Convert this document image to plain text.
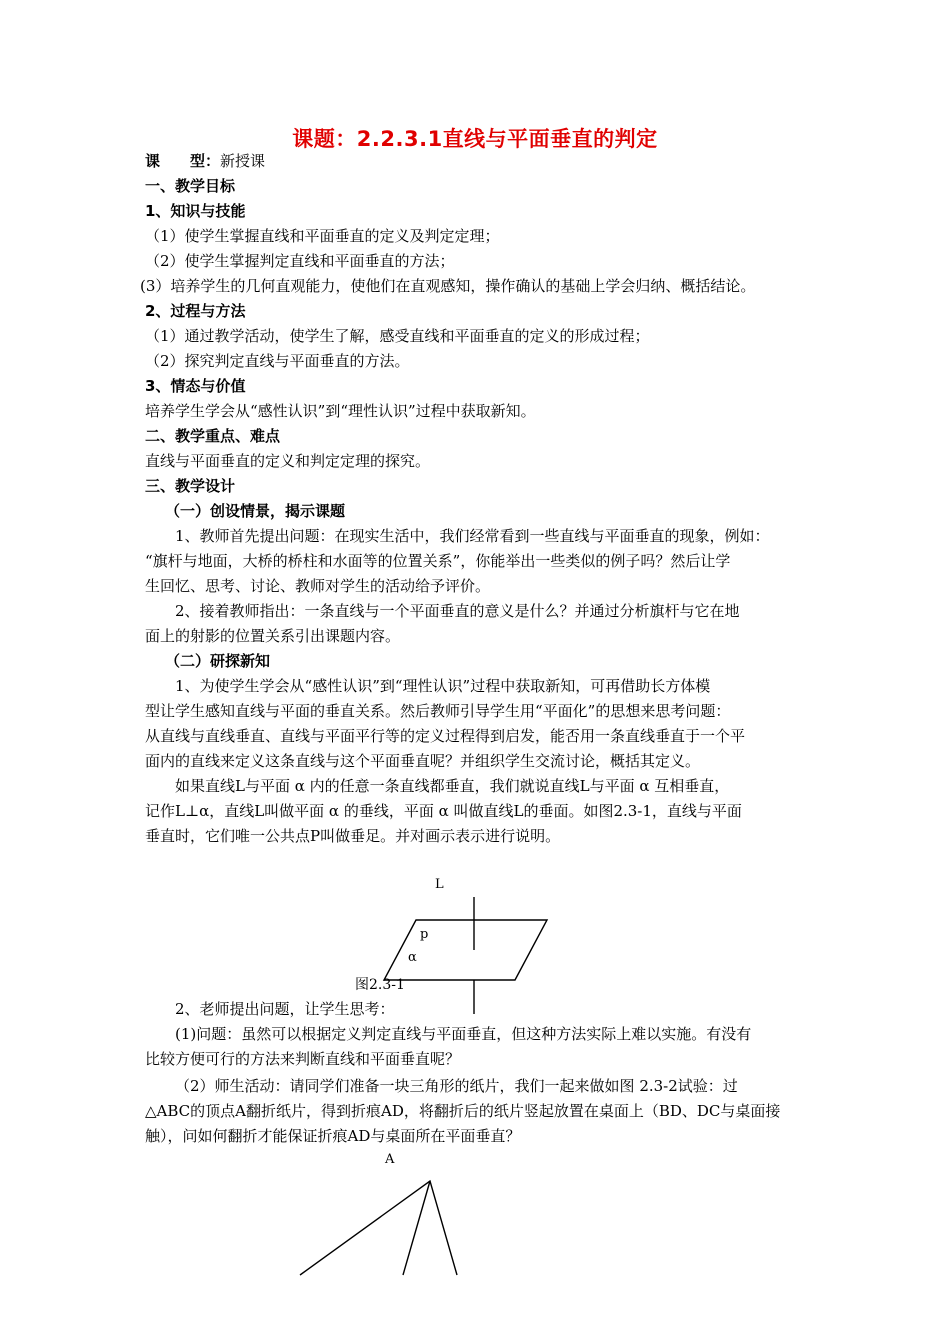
课题：2.2.3.1直线与平面垂直的判定
课　　型：新授课
一、教学目标
1、知识与技能
（1）使学生掌握直线和平面垂直的定义及判定定理；
（2）使学生掌握判定直线和平面垂直的方法；
(3）培养学生的几何直观能力，使他们在直观感知，操作确认的基础上学会归纳、概括结论。
2、过程与方法
（1）通过教学活动，使学生了解，感受直线和平面垂直的定义的形成过程；
（2）探究判定直线与平面垂直的方法。
3、情态与价值
培养学生学会从“感性认识”到“理性认识”过程中获取新知。
二、教学重点、难点
直线与平面垂直的定义和判定定理的探究。
三、教学设计
（一）创设情景，揭示课题
1、教师首先提出问题：在现实生活中，我们经常看到一些直线与平面垂直的现象，例如：
“旗杆与地面，大桥的桥柱和水面等的位置关系”，你能举出一些类似的例子吗？然后让学
生回忆、思考、讨论、教师对学生的活动给予评价。
2、接着教师指出：一条直线与一个平面垂直的意义是什么？并通过分析旗杆与它在地
面上的射影的位置关系引出课题内容。
（二）研探新知
1、为使学生学会从“感性认识”到“理性认识”过程中获取新知，可再借助长方体模
型让学生感知直线与平面的垂直关系。然后教师引导学生用“平面化”的思想来思考问题：
从直线与直线垂直、直线与平面平行等的定义过程得到启发，能否用一条直线垂直于一个平
面内的直线来定义这条直线与这个平面垂直呢？并组织学生交流讨论，概括其定义。
如果直线L与平面 α 内的任意一条直线都垂直，我们就说直线L与平面 α 互相垂直，
记作L⊥α，直线L叫做平面 α 的垂线，平面 α 叫做直线L的垂面。如图2.3-1，直线与平面
垂直时，它们唯一公共点P叫做垂足。并对画示表示进行说明。
L
p
α
图2.3-1
2、老师提出问题，让学生思考：
(1)问题：虽然可以根据定义判定直线与平面垂直，但这种方法实际上难以实施。有没有
比较方便可行的方法来判断直线和平面垂直呢？
（2）师生活动：请同学们准备一块三角形的纸片，我们一起来做如图 2.3-2试验：过
△ABC的顶点A翻折纸片，得到折痕AD，将翻折后的纸片竖起放置在桌面上（BD、DC与桌面接
触），问如何翻折才能保证折痕AD与桌面所在平面垂直？
A
